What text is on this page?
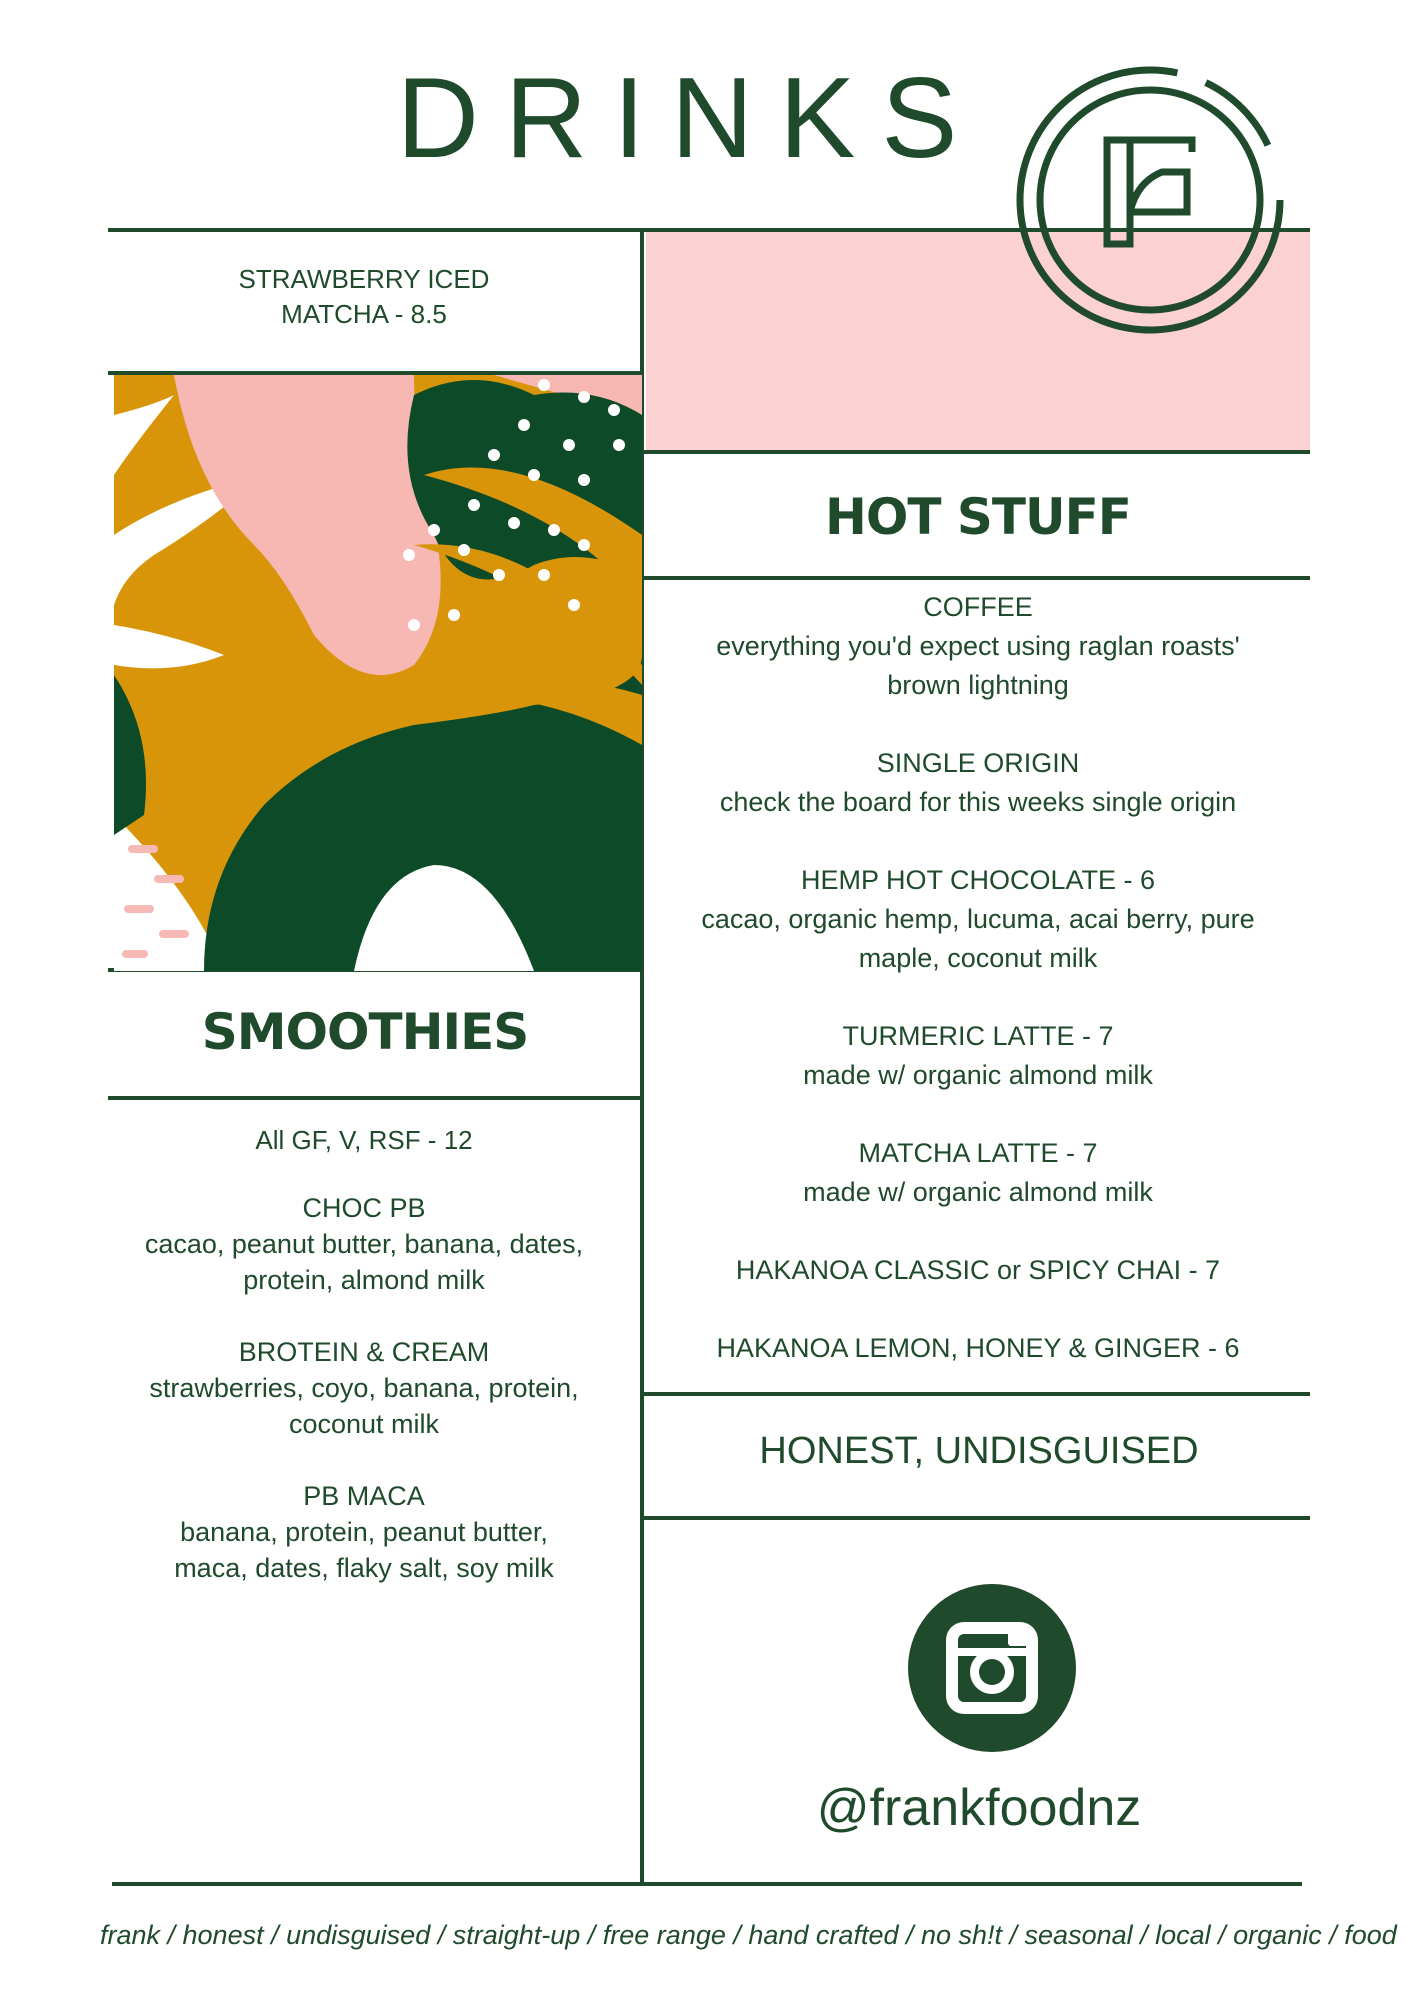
DRINKS
STRAWBERRY ICED
MATCHA - 8.5
SMOOTHIES
All GF, V, RSF - 12
CHOC PB
cacao, peanut butter, banana, dates,
protein, almond milk
BROTEIN & CREAM
strawberries, coyo, banana, protein,
coconut milk
PB MACA
banana, protein, peanut butter,
maca, dates, flaky salt, soy milk
HOT STUFF
COFFEE
everything you'd expect using raglan roasts'
brown lightning
SINGLE ORIGIN
check the board for this weeks single origin
HEMP HOT CHOCOLATE - 6
cacao, organic hemp, lucuma, acai berry, pure
maple, coconut milk
TURMERIC LATTE - 7
made w/ organic almond milk
MATCHA LATTE - 7
made w/ organic almond milk
HAKANOA CLASSIC or SPICY CHAI - 7
HAKANOA LEMON, HONEY & GINGER - 6
HONEST, UNDISGUISED
@frankfoodnz
frank / honest / undisguised / straight-up / free range / hand crafted / no sh!t / seasonal / local / organic / food
